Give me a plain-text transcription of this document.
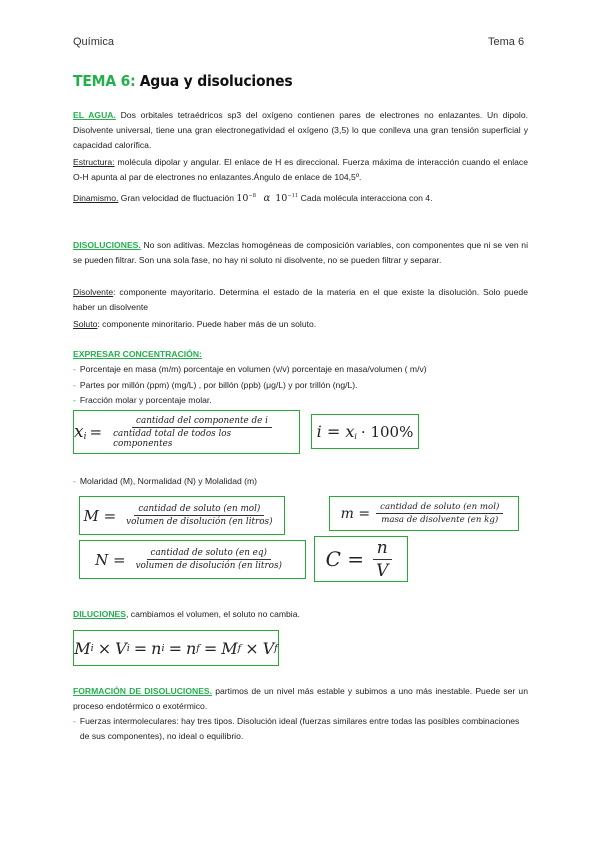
Química	Tema 6
TEMA 6: Agua y disoluciones
EL AGUA. Dos orbitales tetraédricos sp3 del oxígeno contienen pares de electrones no enlazantes. Un dipolo. Disolvente universal, tiene una gran electronegatividad el oxígeno (3,5) lo que conlleva una gran tensión superficial y capacidad calorífica.
Estructura: molécula dipolar y angular. El enlace de H es direccional. Fuerza máxima de interacción cuando el enlace O-H apunta al par de electrones no enlazantes.Ángulo de enlace de 104,5º.
Dinamismo. Gran velocidad de fluctuación $10^{-8}$ α $10^{-11}$ Cada molécula interacciona con 4.
DISOLUCIONES. No son aditivas. Mezclas homogéneas de composición variables, con componentes que ni se ven ni se pueden filtrar. Son una sola fase, no hay ni soluto ni disolvente, no se pueden filtrar y separar.
Disolvente: componente mayoritario. Determina el estado de la materia en el que existe la disolución. Solo puede haber un disolvente
Soluto: componente minoritario. Puede haber más de un soluto.
EXPRESAR CONCENTRACIÓN:
- Porcentaje en masa (m/m) porcentaje en volumen (v/v) porcentaje en masa/volumen ( m/v)
- Partes por millón (ppm) (mg/L) , por billón (ppb) (μg/L) y por trillón (ng/L).
- Fracción molar y porcentaje molar.
$x_i = \frac{\text{cantidad del componente de i}}{\text{cantidad total de todos los componentes}}$ $i = x_i \cdot 100\%$
- Molaridad (M), Normalidad (N) y Molalidad (m)
$M = \frac{\text{cantidad de soluto (en mol)}}{\text{volumen de disolución (en litros)}}$	$m = \frac{\text{cantidad de soluto (en mol)}}{\text{masa de disolvente (en kg)}}$
$N = \frac{\text{cantidad de soluto (en eq)}}{\text{volumen de disolución (en litros)}}$ $C = \frac{n}{V}$
DILUCIONES, cambiamos el volumen, el soluto no cambia.
M i × V i = n i = n f = M f × V f
FORMACIÓN DE DISOLUCIONES. partimos de un nivel más estable y subimos a uno más inestable. Puede ser un proceso endotérmico o exotérmico.
- Fuerzas intermoleculares: hay tres tipos. Disolución ideal (fuerzas similares entre todas las posibles combinaciones de sus componentes), no ideal o equilibrio.
